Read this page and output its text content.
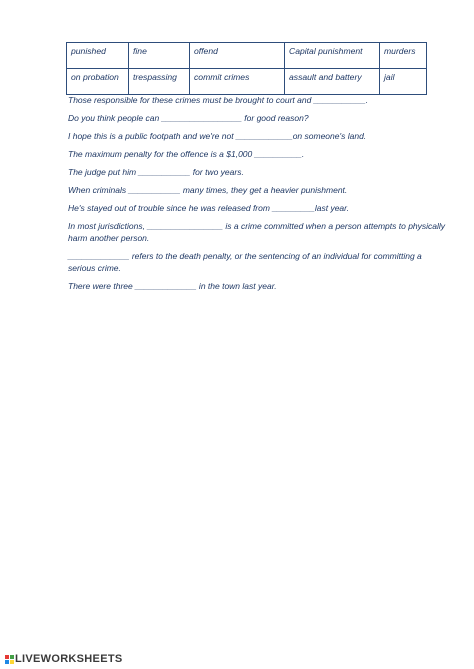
punished	fine	offend	Capital punishment	murders
on probation	trespassing	commit crimes	assault and battery	jail

Those responsible for these crimes must be brought to court and ___________.

Do you think people can _________________ for good reason?

I hope this is a public footpath and we're not ____________on someone's land.

The maximum penalty for the offence is a $1,000 __________.

The judge put him ___________ for two years.

When criminals ___________ many times, they get a heavier punishment.

He's stayed out of trouble since he was released from _________last year.

In most jurisdictions, ________________ is a crime committed when a person attempts to physically harm another person.

_____________ refers to the death penalty, or the sentencing of an individual for committing a serious crime.

There were three _____________ in the town last year.

LIVEWORKSHEETS
